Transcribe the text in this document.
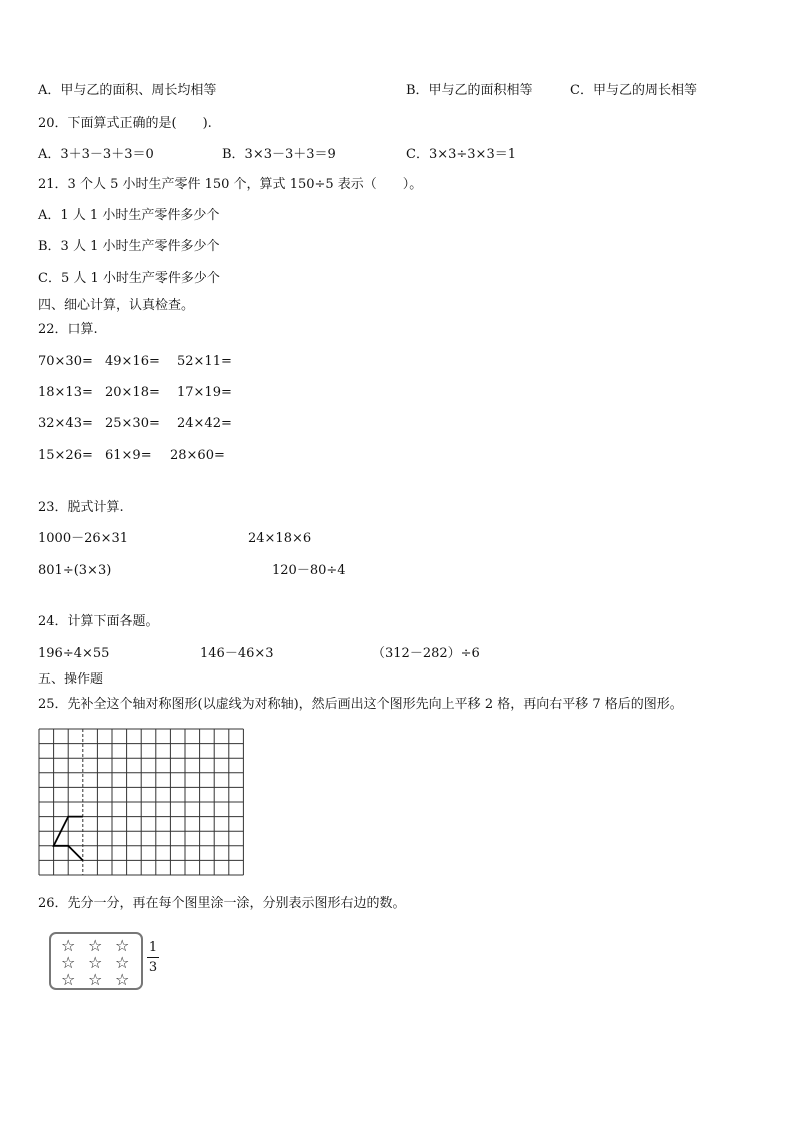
A．甲与乙的面积、周长均相等	B．甲与乙的面积相等	C．甲与乙的周长相等
20．下面算式正确的是(　　).
A．3＋3－3＋3＝0	B．3×3－3＋3＝9	C．3×3÷3×3＝1
21．3 个人 5 小时生产零件 150 个，算式 150÷5 表示（　　）。
A．1 人 1 小时生产零件多少个
B．3 人 1 小时生产零件多少个
C．5 人 1 小时生产零件多少个
四、细心计算，认真检查。
22．口算.
70×30= 49×16= 52×11=
18×13= 20×18= 17×19=
32×43= 25×30= 24×42=
15×26= 61×9= 28×60=
23．脱式计算.
1000－26×31	24×18×6
801÷(3×3)	120－80÷4
24．计算下面各题。
196÷4×55	146－46×3	（312－282）÷6
五、操作题
25．先补全这个轴对称图形(以虚线为对称轴)，然后画出这个图形先向上平移 2 格，再向右平移 7 格后的图形。
26．先分一分，再在每个图里涂一涂，分别表示图形右边的数。
☆ ☆ ☆
☆ ☆ ☆
☆ ☆ ☆
1
3
